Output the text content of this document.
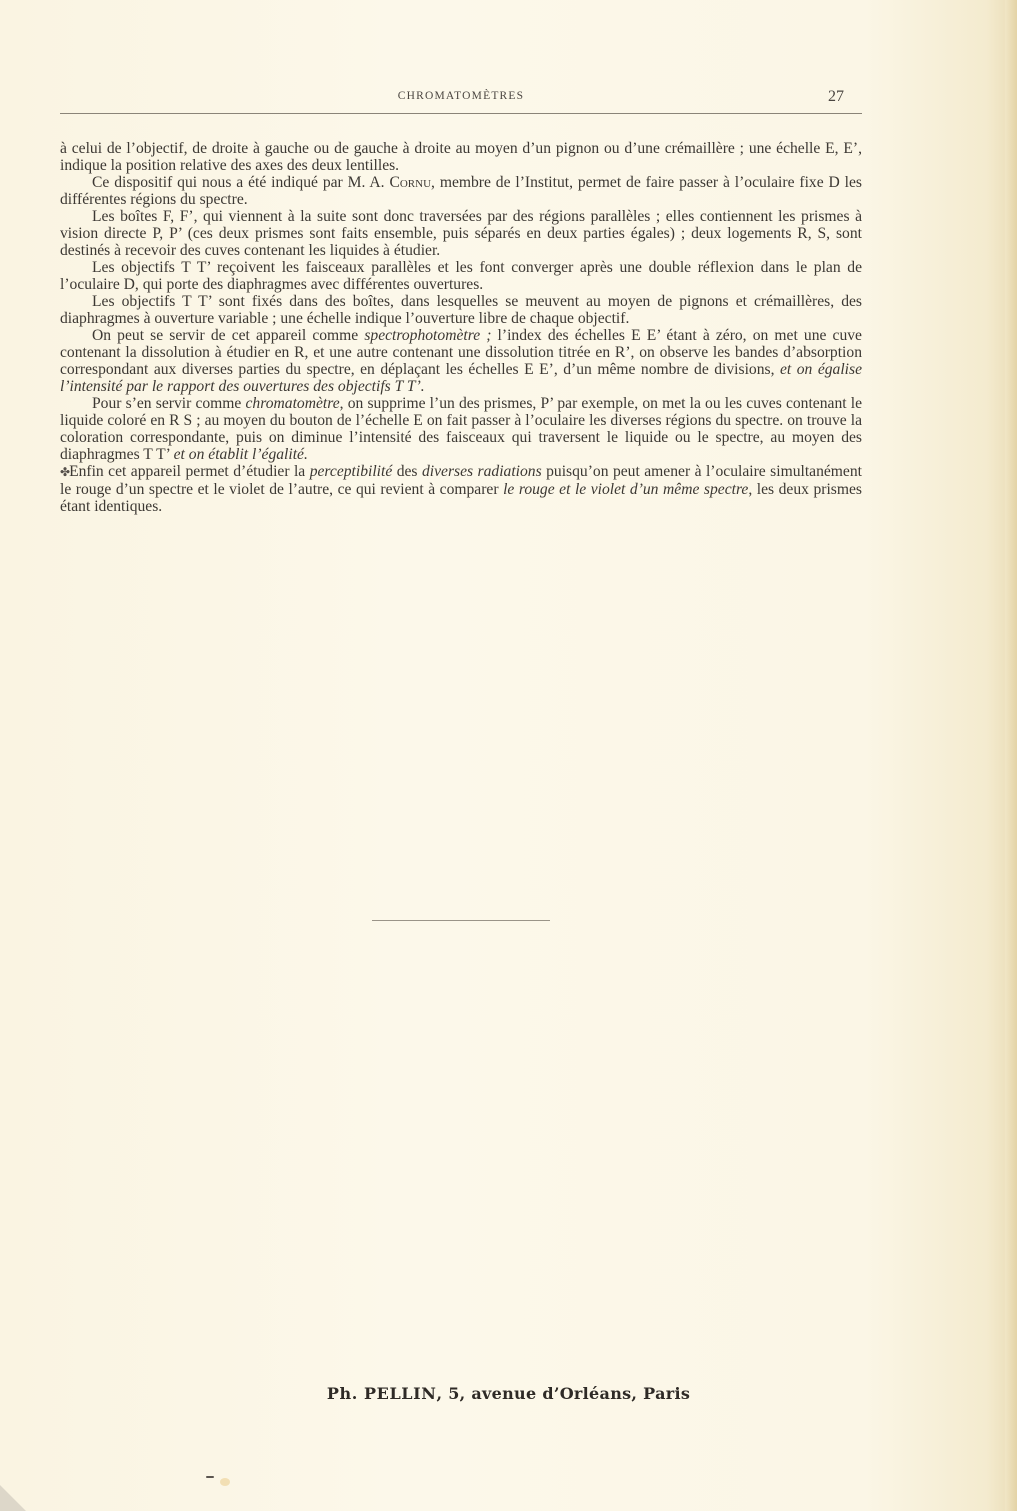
CHROMATOMÈTRES	27

à celui de l’objectif, de droite à gauche ou de gauche à droite au moyen d’un pignon ou d’une crémaillère ; une échelle E, E’, indique la position relative des axes des deux lentilles.

Ce dispositif qui nous a été indiqué par M. A. Cornu, membre de l’Institut, permet de faire passer à l’oculaire fixe D les différentes régions du spectre.

Les boîtes F, F’, qui viennent à la suite sont donc traversées par des régions parallèles ; elles contiennent les prismes à vision directe P, P’ (ces deux prismes sont faits ensemble, puis séparés en deux parties égales) ; deux logements R, S, sont destinés à recevoir des cuves contenant les liquides à étudier.

Les objectifs T T’ reçoivent les faisceaux parallèles et les font converger après une double réflexion dans le plan de l’oculaire D, qui porte des diaphragmes avec différentes ouvertures.

Les objectifs T T’ sont fixés dans des boîtes, dans lesquelles se meuvent au moyen de pignons et crémaillères, des diaphragmes à ouverture variable ; une échelle indique l’ouverture libre de chaque objectif.

On peut se servir de cet appareil comme spectrophotomètre ; l’index des échelles E E’ étant à zéro, on met une cuve contenant la dissolution à étudier en R, et une autre contenant une dissolution titrée en R’, on observe les bandes d’absorption correspondant aux diverses parties du spectre, en déplaçant les échelles E E’, d’un même nombre de divisions, et on égalise l’intensité par le rapport des ouvertures des objectifs T T’.

Pour s’en servir comme chromatomètre, on supprime l’un des prismes, P’ par exemple, on met la ou les cuves contenant le liquide coloré en R S ; au moyen du bouton de l’échelle E on fait passer à l’oculaire les diverses régions du spectre. on trouve la coloration correspondante, puis on diminue l’intensité des faisceaux qui traversent le liquide ou le spectre, au moyen des diaphragmes T T’ et on établit l’égalité.

✤Enfin cet appareil permet d’étudier la perceptibilité des diverses radiations puisqu’on peut amener à l’oculaire simultanément le rouge d’un spectre et le violet de l’autre, ce qui revient à comparer le rouge et le violet d’un même spectre, les deux prismes étant identiques.

Ph. PELLIN, 5, avenue d’Orléans, Paris
